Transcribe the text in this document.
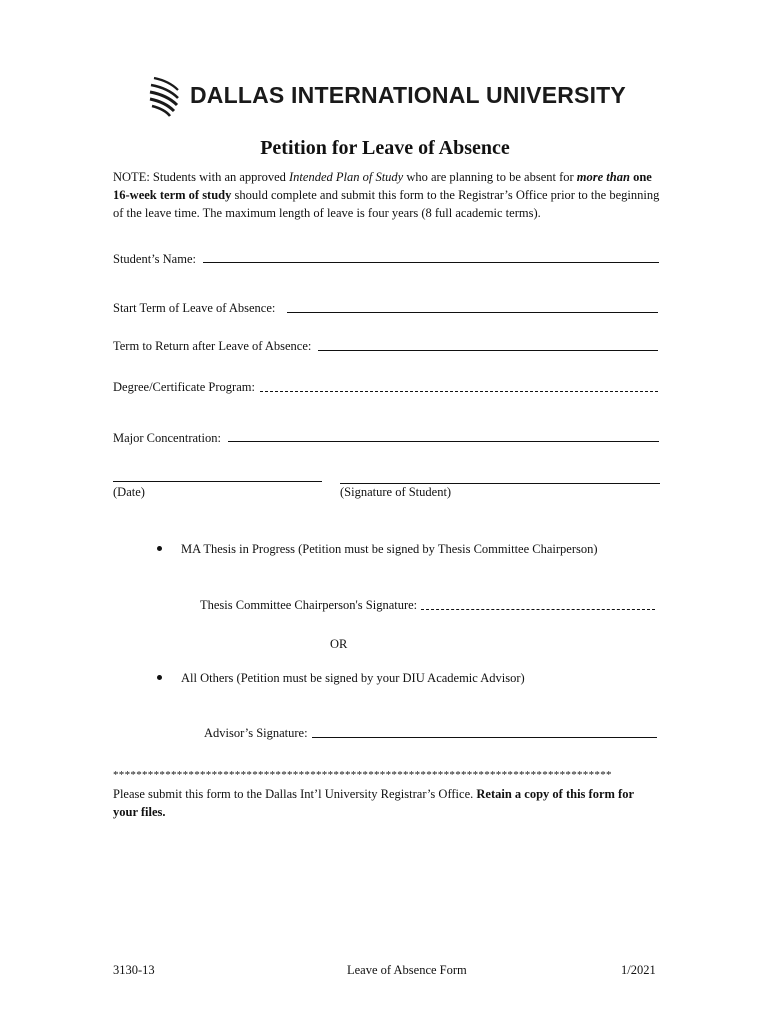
DALLAS INTERNATIONAL UNIVERSITY
Petition for Leave of Absence
NOTE: Students with an approved Intended Plan of Study who are planning to be absent for more than one 16-week term of study should complete and submit this form to the Registrar’s Office prior to the beginning of the leave time. The maximum length of leave is four years (8 full academic terms).
Student’s Name:
Start Term of Leave of Absence:
Term to Return after Leave of Absence:
Degree/Certificate Program:
Major Concentration:
(Date)	(Signature of Student)
MA Thesis in Progress (Petition must be signed by Thesis Committee Chairperson)
Thesis Committee Chairperson's Signature:
OR
All Others (Petition must be signed by your DIU Academic Advisor)
Advisor’s Signature:
**************************************************************************************
Please submit this form to the Dallas Int’l University Registrar’s Office. Retain a copy of this form for your files.
3130-13	Leave of Absence Form	1/2021
